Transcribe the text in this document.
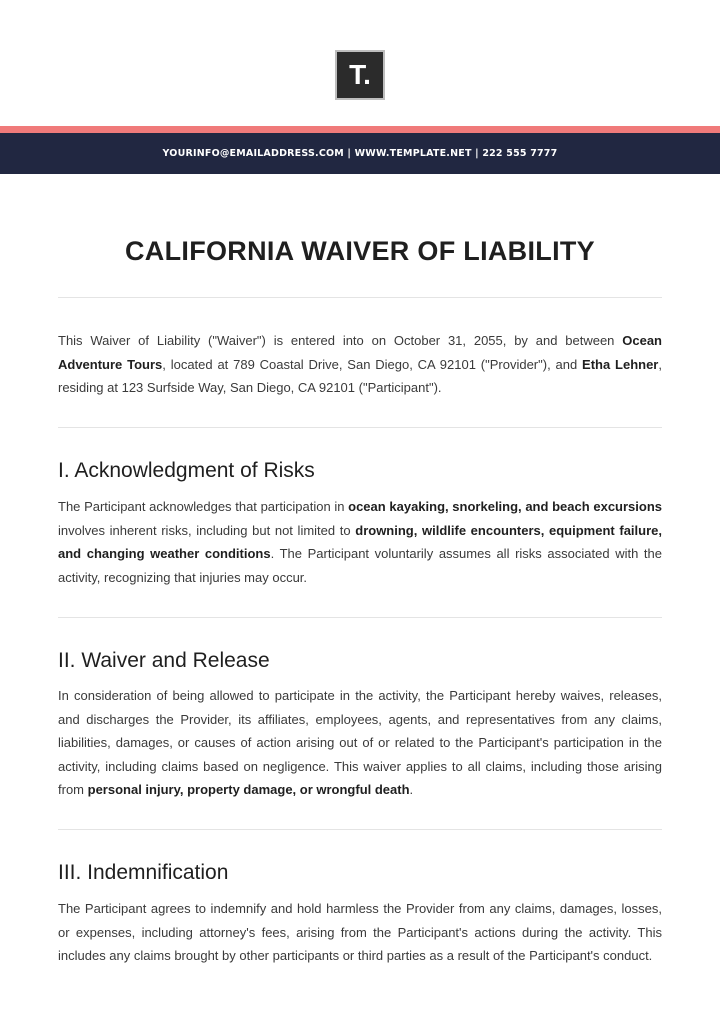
T.
YOURINFO@EMAILADDRESS.COM | WWW.TEMPLATE.NET | 222 555 7777
CALIFORNIA WAIVER OF LIABILITY

This Waiver of Liability ("Waiver") is entered into on October 31, 2055, by and between Ocean Adventure Tours, located at 789 Coastal Drive, San Diego, CA 92101 ("Provider"), and Etha Lehner, residing at 123 Surfside Way, San Diego, CA 92101 ("Participant").

I. Acknowledgment of Risks

The Participant acknowledges that participation in ocean kayaking, snorkeling, and beach excursions involves inherent risks, including but not limited to drowning, wildlife encounters, equipment failure, and changing weather conditions. The Participant voluntarily assumes all risks associated with the activity, recognizing that injuries may occur.

II. Waiver and Release

In consideration of being allowed to participate in the activity, the Participant hereby waives, releases, and discharges the Provider, its affiliates, employees, agents, and representatives from any claims, liabilities, damages, or causes of action arising out of or related to the Participant's participation in the activity, including claims based on negligence. This waiver applies to all claims, including those arising from personal injury, property damage, or wrongful death.

III. Indemnification

The Participant agrees to indemnify and hold harmless the Provider from any claims, damages, losses, or expenses, including attorney's fees, arising from the Participant's actions during the activity. This includes any claims brought by other participants or third parties as a result of the Participant's conduct.
